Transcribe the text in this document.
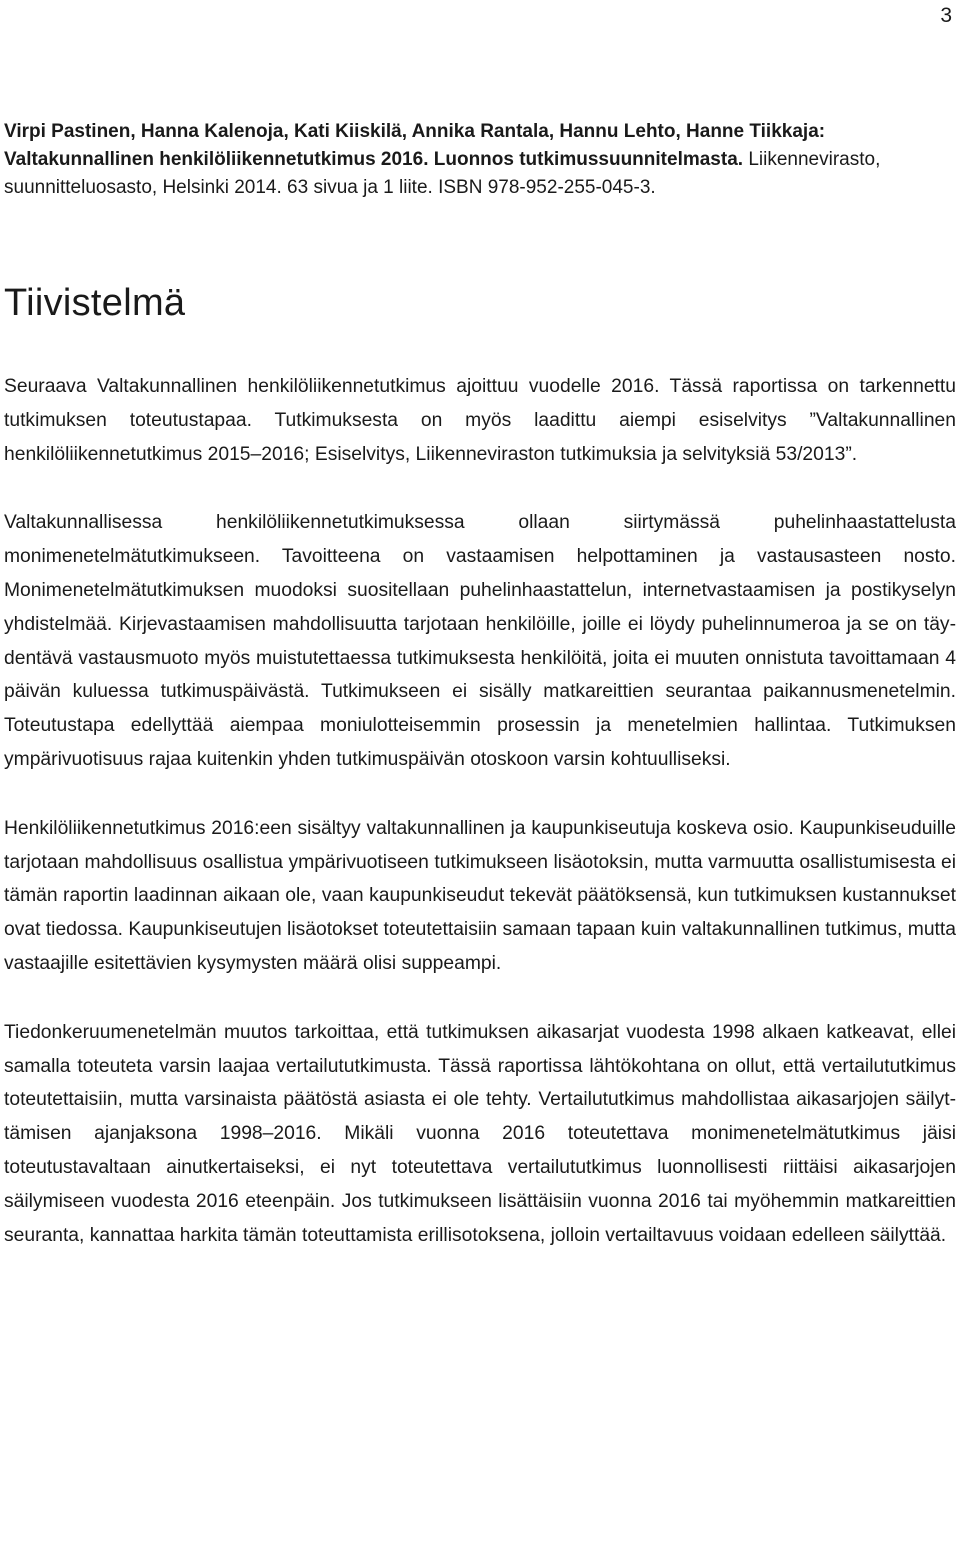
3

Virpi Pastinen, Hanna Kalenoja, Kati Kiiskilä, Annika Rantala, Hannu Lehto, Hanne Tiikkaja: Valtakunnallinen henkilöliikennetutkimus 2016. Luonnos tutkimussuunnitelmasta. Liikennevirasto, suunnitteluosasto, Helsinki 2014. 63 sivua ja 1 liite. ISBN 978-952-255-045-3.

Tiivistelmä

Seuraava Valtakunnallinen henkilöliikennetutkimus ajoittuu vuodelle 2016. Tässä raportissa on tarkennettu tutkimuksen toteutustapaa. Tutkimuksesta on myös laadittu aiempi esiselvitys ”Valtakunnallinen henkilöliikennetutkimus 2015–2016; Esiselvitys, Liikenneviraston tutkimuksia ja selvityksiä 53/2013”.

Valtakunnallisessa henkilöliikennetutkimuksessa ollaan siirtymässä puhelinhaastattelusta monimenetelmätutkimukseen. Tavoitteena on vastaamisen helpottaminen ja vastausasteen nosto. Monimenetelmätutkimuksen muodoksi suositellaan puhelinhaastattelun, internetvastaamisen ja postikyselyn yhdistelmää. Kirjevastaamisen mahdollisuutta tarjotaan henkilöille, joille ei löydy puhelinnumeroa ja se on täydentävä vastausmuoto myös muistutettaessa tutkimuksesta henkilöitä, joita ei muuten onnistuta tavoittamaan 4 päivän kuluessa tutkimuspäivästä. Tutkimukseen ei sisälly matkareittien seurantaa paikannusmenetelmin. Toteutustapa edellyttää aiempaa moniulotteisemmin prosessin ja menetelmien hallintaa. Tutkimuksen ympärivuotisuus rajaa kuitenkin yhden tutkimuspäivän otoskoon varsin kohtuulliseksi.

Henkilöliikennetutkimus 2016:een sisältyy valtakunnallinen ja kaupunkiseutuja koskeva osio. Kaupunkiseuduille tarjotaan mahdollisuus osallistua ympärivuotiseen tutkimukseen lisäotoksin, mutta varmuutta osallistumisesta ei tämän raportin laadinnan aikaan ole, vaan kaupunkiseudut tekevät päätöksensä, kun tutkimuksen kustannukset ovat tiedossa. Kaupunkiseutujen lisäotokset toteutettaisiin samaan tapaan kuin valtakunnallinen tutkimus, mutta vastaajille esitettävien kysymysten määrä olisi suppeampi.

Tiedonkeruumenetelmän muutos tarkoittaa, että tutkimuksen aikasarjat vuodesta 1998 alkaen katkeavat, ellei samalla toteuteta varsin laajaa vertailututkimusta. Tässä raportissa lähtökohtana on ollut, että vertailututkimus toteutettaisiin, mutta varsinaista päätöstä asiasta ei ole tehty. Vertailututkimus mahdollistaa aikasarjojen säilyttämisen ajanjaksona 1998–2016. Mikäli vuonna 2016 toteutettava monimenetelmätutkimus jäisi toteutustavaltaan ainutkertaiseksi, ei nyt toteutettava vertailututkimus luonnollisesti riittäisi aikasarjojen säilymiseen vuodesta 2016 eteenpäin. Jos tutkimukseen lisättäisiin vuonna 2016 tai myöhemmin matkareittien seuranta, kannattaa harkita tämän toteuttamista erillisotoksena, jolloin vertailtavuus voidaan edelleen säilyttää.
